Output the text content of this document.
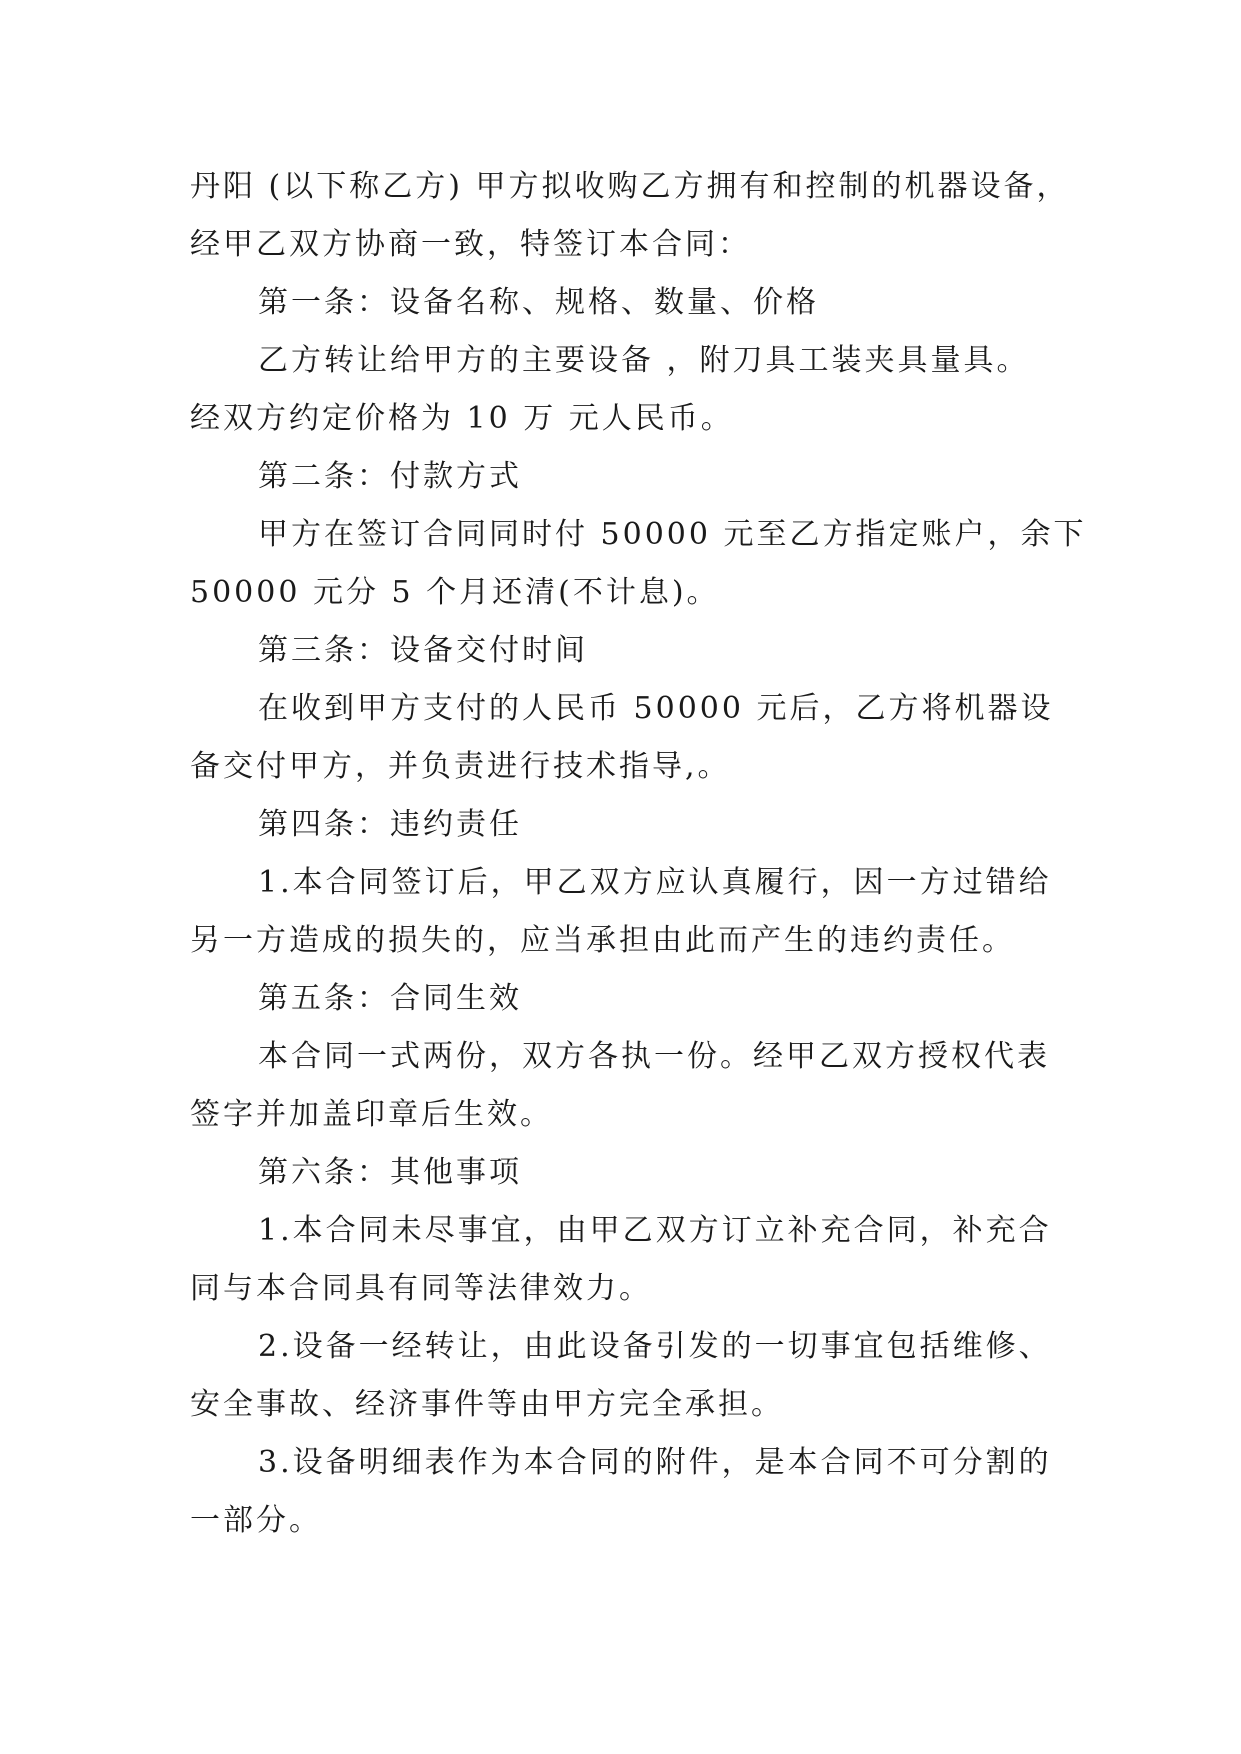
丹阳 (以下称乙方) 甲方拟收购乙方拥有和控制的机器设备，

经甲乙双方协商一致，特签订本合同：

第一条：设备名称、规格、数量、价格

乙方转让给甲方的主要设备 ，附刀具工装夹具量具。

经双方约定价格为 10 万 元人民币。

第二条：付款方式

甲方在签订合同同时付 50000 元至乙方指定账户，余下

50000 元分 5 个月还清(不计息)。

第三条：设备交付时间

在收到甲方支付的人民币 50000 元后，乙方将机器设

备交付甲方，并负责进行技术指导,。

第四条：违约责任

1.本合同签订后，甲乙双方应认真履行，因一方过错给

另一方造成的损失的，应当承担由此而产生的违约责任。

第五条：合同生效

本合同一式两份，双方各执一份。经甲乙双方授权代表

签字并加盖印章后生效。

第六条：其他事项

1.本合同未尽事宜，由甲乙双方订立补充合同，补充合

同与本合同具有同等法律效力。

2.设备一经转让，由此设备引发的一切事宜包括维修、

安全事故、经济事件等由甲方完全承担。

3.设备明细表作为本合同的附件，是本合同不可分割的

一部分。
